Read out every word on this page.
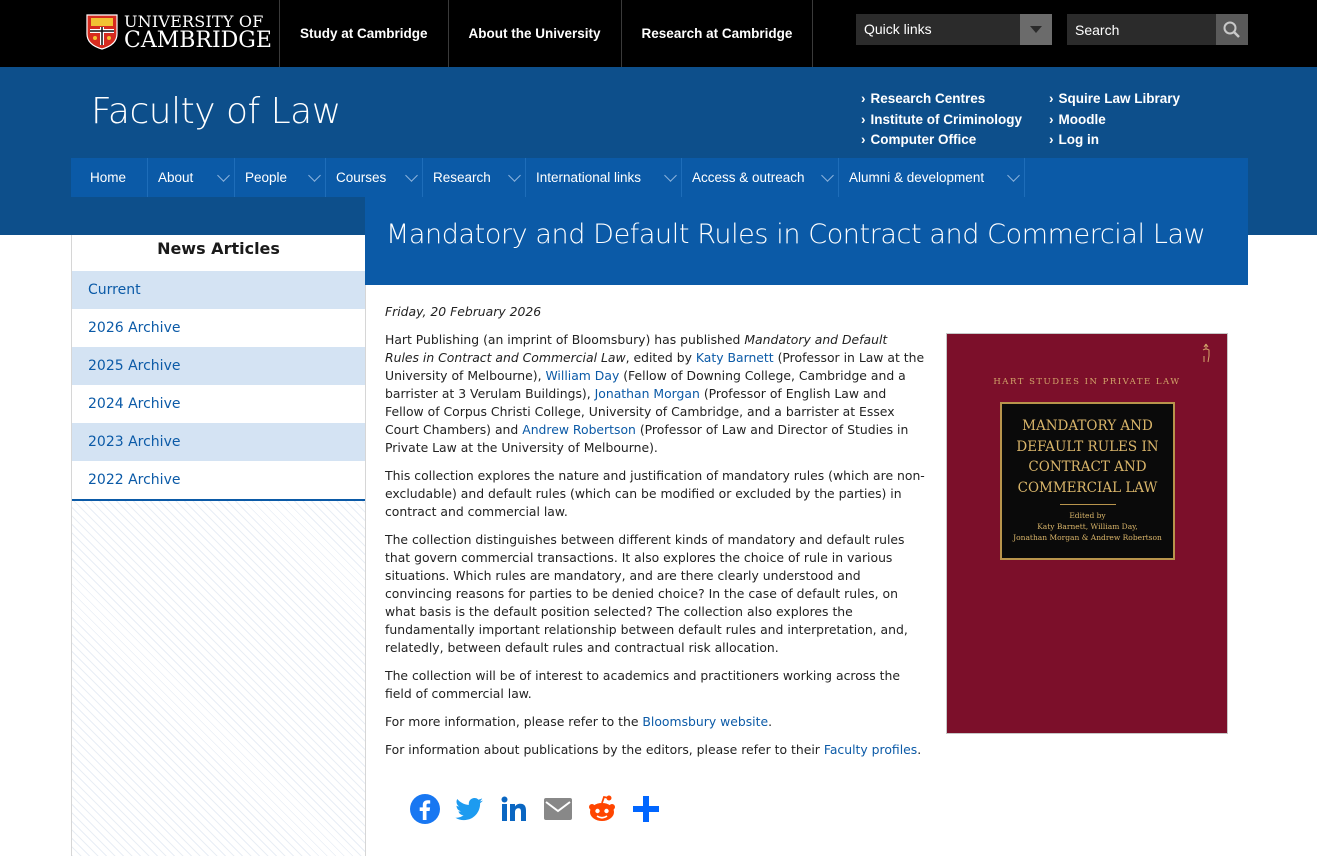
UNIVERSITY OF
CAMBRIDGE	Study at Cambridge	About the University	Research at Cambridge	Quick links
Search
Faculty of Law
›	Research Centres
› Institute of Criminology
› Computer Office
› Squire Law Library
› Moodle
› Log in
Home About	People	Courses	Research	International links	Access & outreach	Alumni & development
News Articles
Current
2026 Archive
2025 Archive
2024 Archive
2023 Archive
2022 Archive
Mandatory and Default Rules in Contract and Commercial Law

Friday, 20 February 2026

Hart Publishing (an imprint of Bloomsbury) has published Mandatory and Default Rules in Contract and Commercial Law, edited by Katy Barnett (Professor in Law at the University of Melbourne), William Day (Fellow of Downing College, Cambridge and a barrister at 3 Verulam Buildings), Jonathan Morgan (Professor of English Law and Fellow of Corpus Christi College, University of Cambridge, and a barrister at Essex Court Chambers) and Andrew Robertson (Professor of Law and Director of Studies in Private Law at the University of Melbourne).

This collection explores the nature and justification of mandatory rules (which are non-excludable) and default rules (which can be modified or excluded by the parties) in contract and commercial law.

The collection distinguishes between different kinds of mandatory and default rules that govern commercial transactions. It also explores the choice of rule in various situations. Which rules are mandatory, and are there clearly understood and convincing reasons for parties to be denied choice? In the case of default rules, on what basis is the default position selected? The collection also explores the fundamentally important relationship between default rules and interpretation, and, relatedly, between default rules and contractual risk allocation.

The collection will be of interest to academics and practitioners working across the field of commercial law.

For more information, please refer to the Bloomsbury website.

For information about publications by the editors, please refer to their Faculty profiles.

HART STUDIES IN PRIVATE LAW
MANDATORY AND
DEFAULT RULES IN
CONTRACT AND
COMMERCIAL LAW
Edited by
Katy Barnett, William Day,
Jonathan Morgan & Andrew Robertson
